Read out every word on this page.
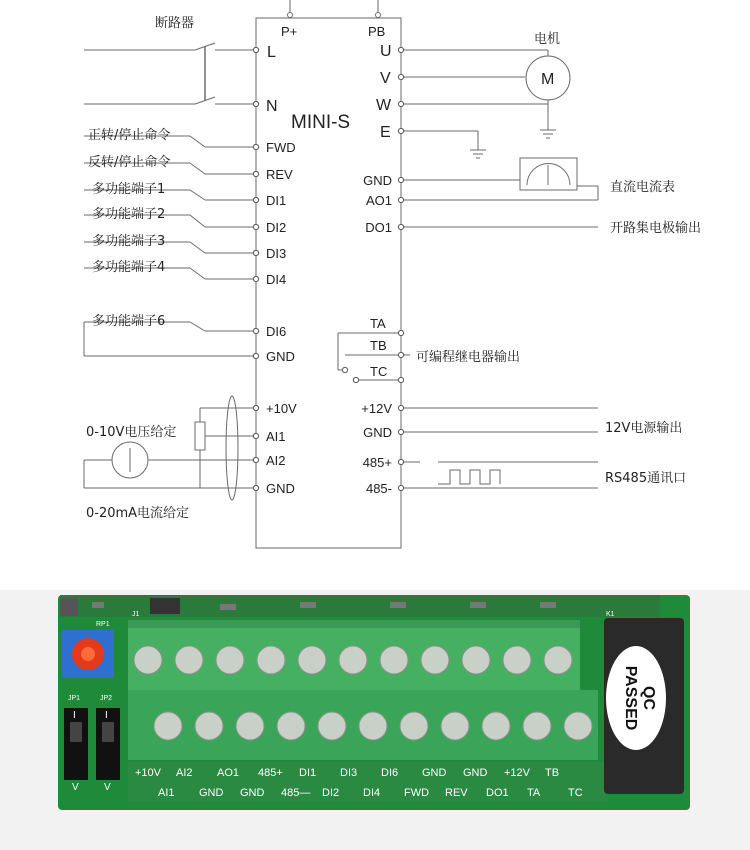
MINI-S
P+	PB
L
N
FWD
REV
DI1
DI2
DI3
DI4
DI6
GND
+10V
AI1
AI2
GND
U
V
W
E
GND
AO1
DO1
TA
TB
TC
+12V
GND
485+
485-
M
断路器
电机
正转/停止命令
反转/停止命令
多功能端子1
多功能端子2
多功能端子3
多功能端子4
多功能端子6
0-10V电压给定
0-20mA电流给定
直流电流表
开路集电极输出
可编程继电器输出
12V电源输出
RS485通讯口
+10V AI2 AO1 485+ DI1 DI3 DI6 GND GND +12V TB
AI1 GND GND 485— DI2 DI4 FWD REV DO1 TA	TC
QC
PASSED
RP1
J1	K1
JP1	JP2
I
V
I
V
